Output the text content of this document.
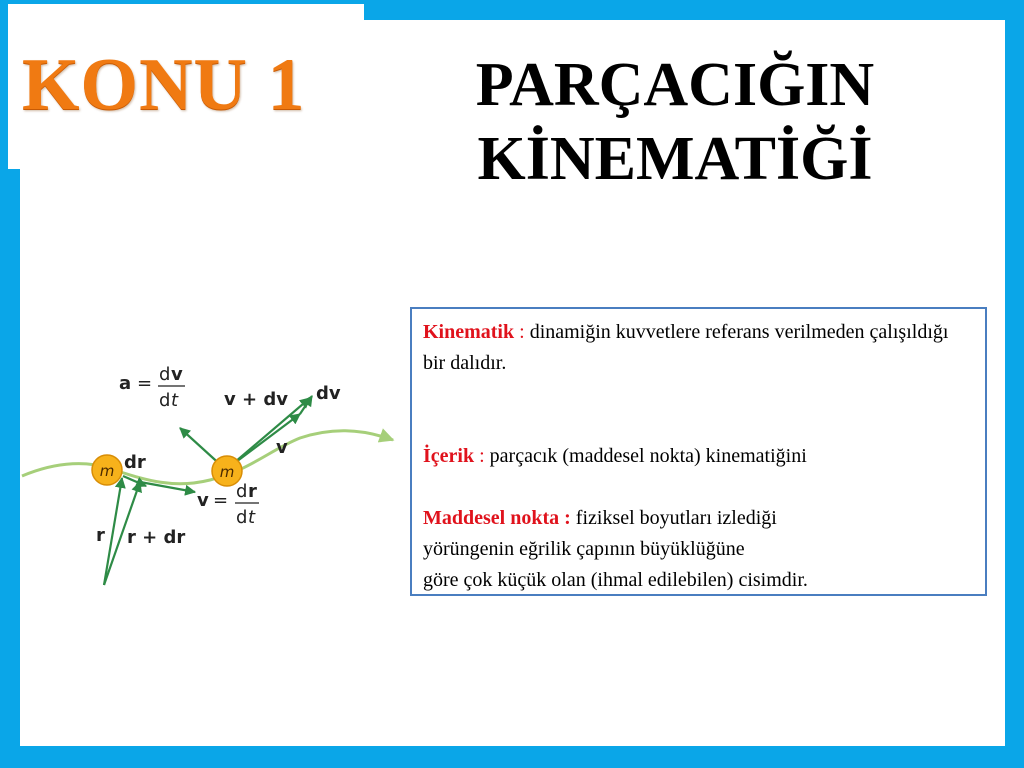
KONU 1	PARÇACIĞIN
KİNEMATİĞİ
m	m
a = d v
d t	v + dv dv
v
dr
r r + dr
v = d r
d t

Kinematik : dinamiğin kuvvetlere referans verilmeden çalışıldığı bir dalıdır.

İçerik : parçacık (maddesel nokta) kinematiğini

Maddesel nokta : fiziksel boyutları izlediği
yörüngenin eğrilik çapının büyüklüğüne
göre çok küçük olan (ihmal edilebilen) cisimdir.
